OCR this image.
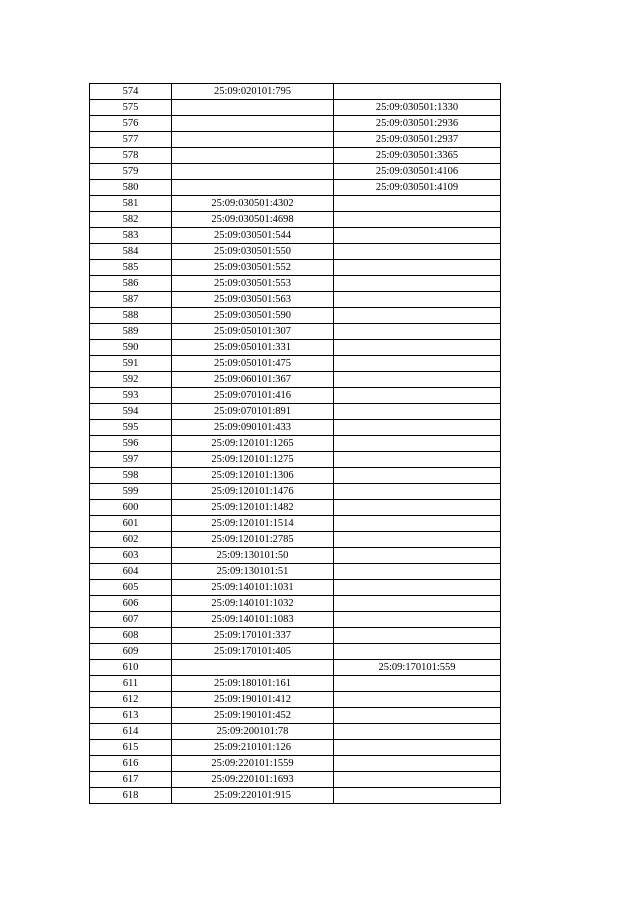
574	25:09:020101:795	
575		25:09:030501:1330
576		25:09:030501:2936
577		25:09:030501:2937
578		25:09:030501:3365
579		25:09:030501:4106
580		25:09:030501:4109
581	25:09:030501:4302	
582	25:09:030501:4698	
583	25:09:030501:544	
584	25:09:030501:550	
585	25:09:030501:552	
586	25:09:030501:553	
587	25:09:030501:563	
588	25:09:030501:590	
589	25:09:050101:307	
590	25:09:050101:331	
591	25:09:050101:475	
592	25:09:060101:367	
593	25:09:070101:416	
594	25:09:070101:891	
595	25:09:090101:433	
596	25:09:120101:1265	
597	25:09:120101:1275	
598	25:09:120101:1306	
599	25:09:120101:1476	
600	25:09:120101:1482	
601	25:09:120101:1514	
602	25:09:120101:2785	
603	25:09:130101:50	
604	25:09:130101:51	
605	25:09:140101:1031	
606	25:09:140101:1032	
607	25:09:140101:1083	
608	25:09:170101:337	
609	25:09:170101:405	
610		25:09:170101:559
611	25:09:180101:161	
612	25:09:190101:412	
613	25:09:190101:452	
614	25:09:200101:78	
615	25:09:210101:126	
616	25:09:220101:1559	
617	25:09:220101:1693	
618	25:09:220101:915	
